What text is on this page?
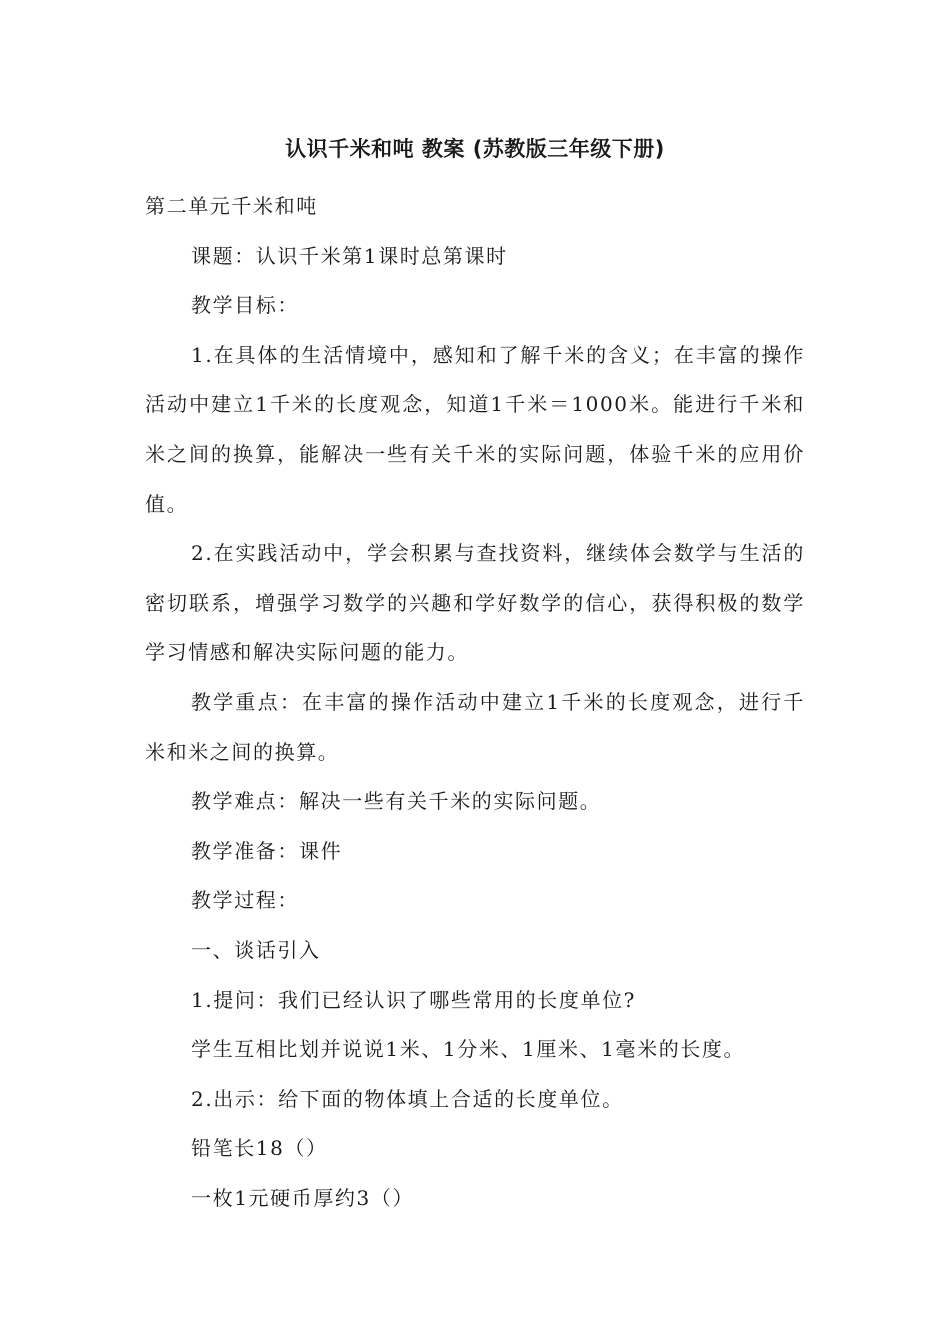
认识千米和吨 教案 (苏教版三年级下册)

第二单元千米和吨

课题：认识千米第1课时总第课时

教学目标：

1.在具体的生活情境中，感知和了解千米的含义；在丰富的操作活动中建立1千米的长度观念，知道1千米＝1000米。能进行千米和米之间的换算，能解决一些有关千米的实际问题，体验千米的应用价值。

2.在实践活动中，学会积累与查找资料，继续体会数学与生活的密切联系，增强学习数学的兴趣和学好数学的信心，获得积极的数学学习情感和解决实际问题的能力。

教学重点：在丰富的操作活动中建立1千米的长度观念，进行千米和米之间的换算。

教学难点：解决一些有关千米的实际问题。

教学准备：课件

教学过程：

一、谈话引入

1.提问：我们已经认识了哪些常用的长度单位?

学生互相比划并说说1米、1分米、1厘米、1毫米的长度。

2.出示：给下面的物体填上合适的长度单位。

铅笔长18（）

一枚1元硬币厚约3（）
